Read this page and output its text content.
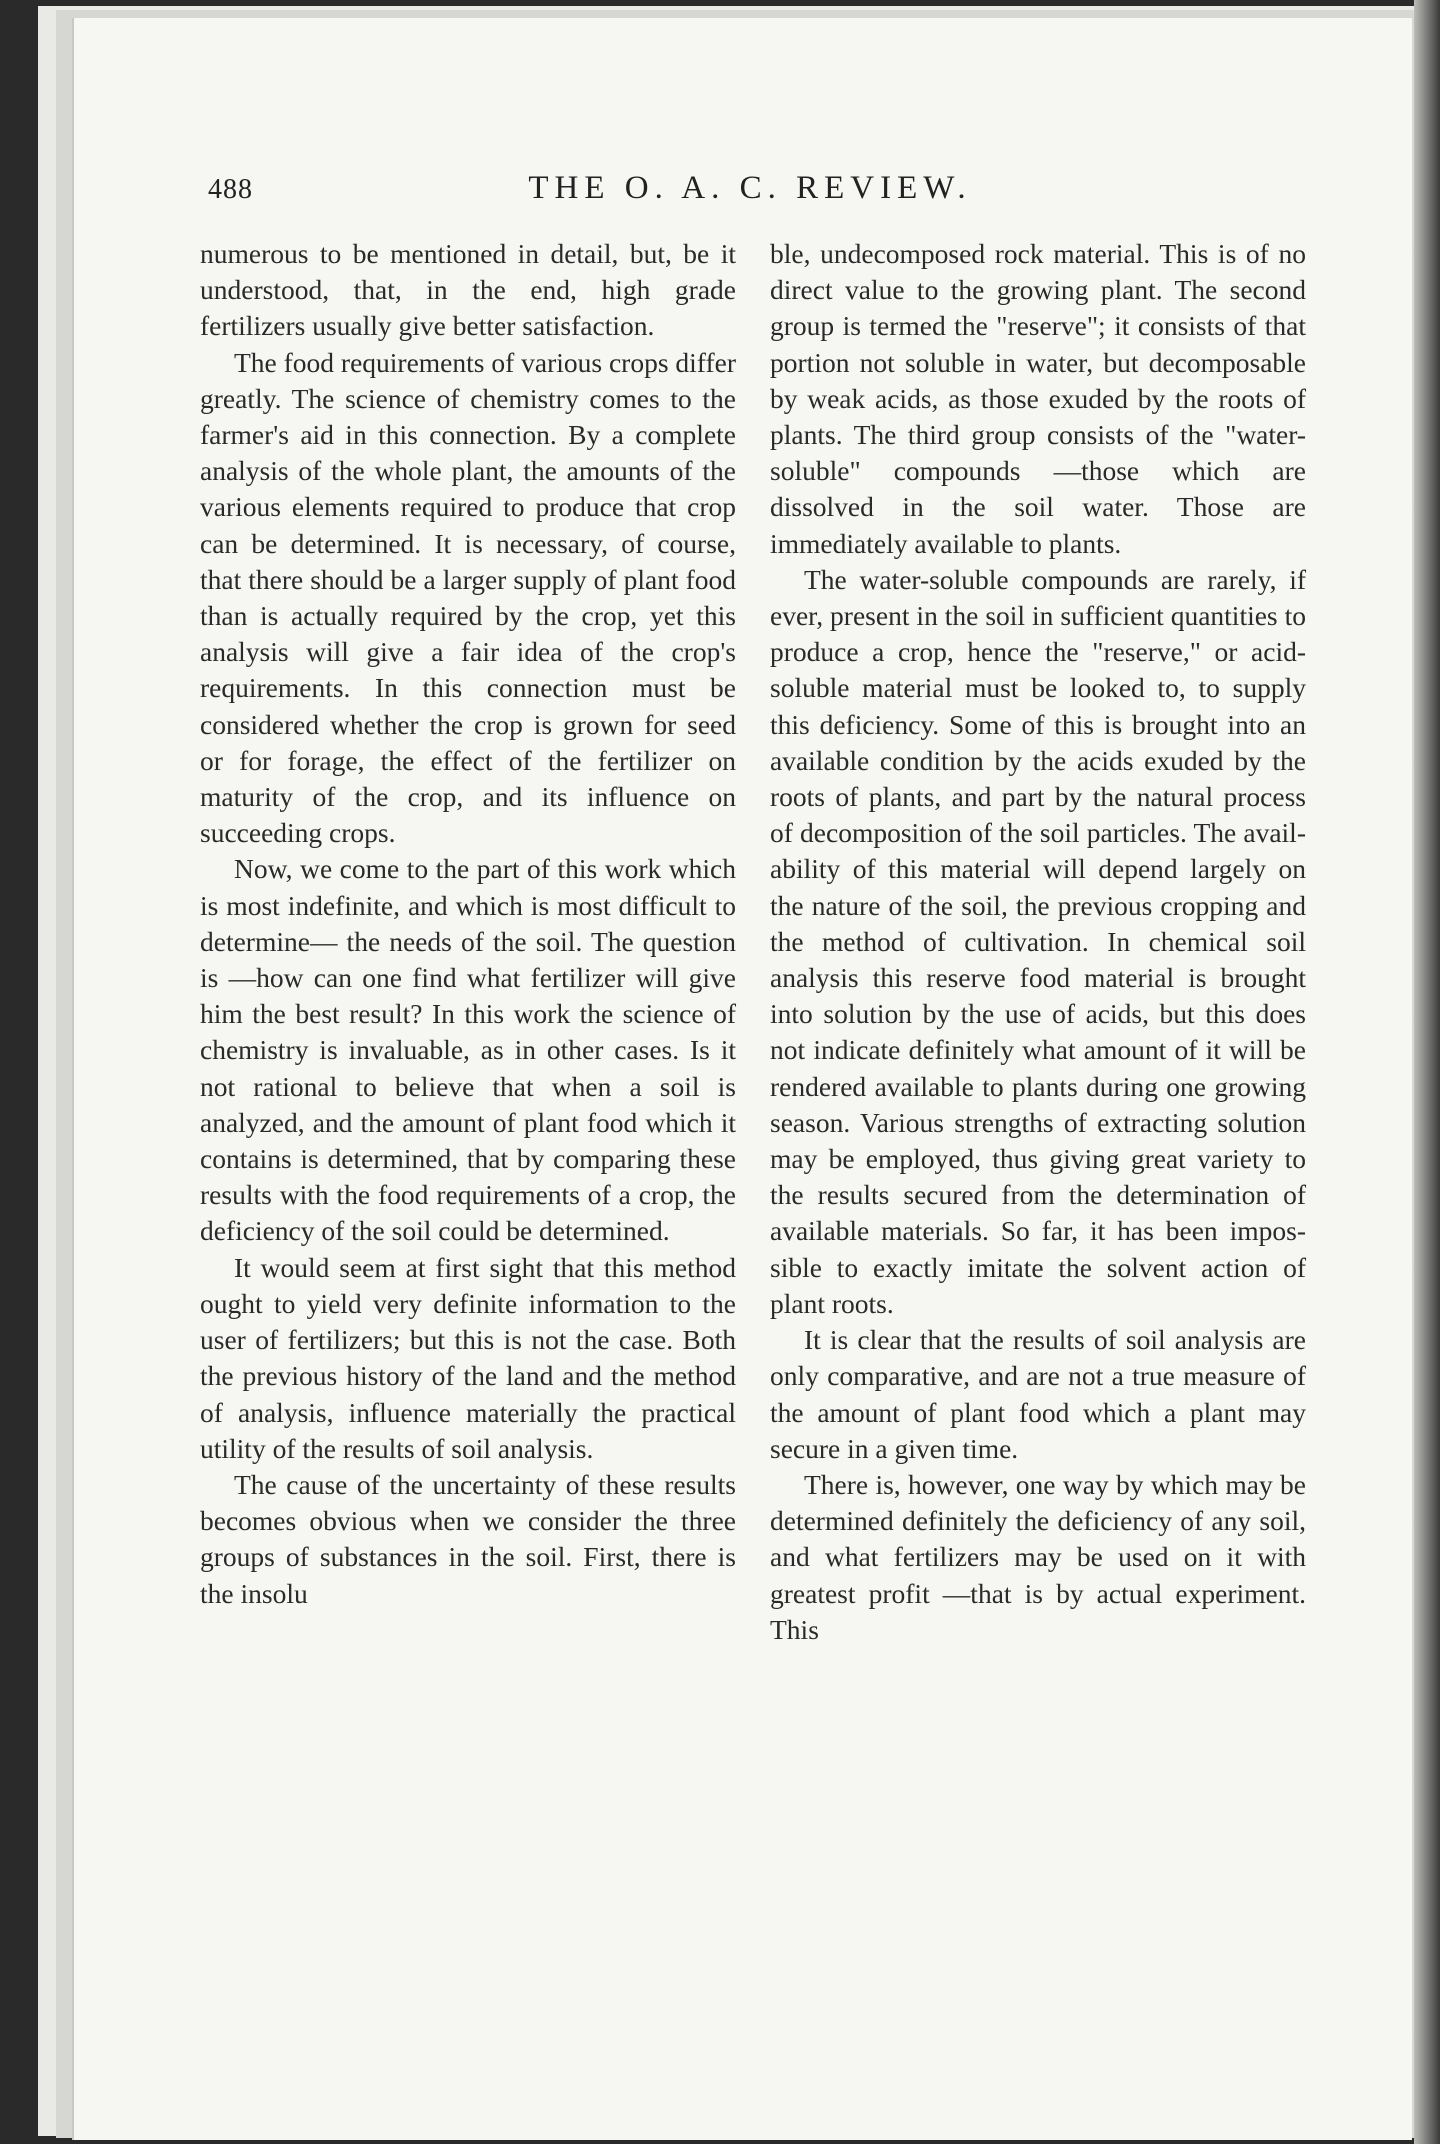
488	THE O. A. C. REVIEW.

numerous to be mentioned in detail, but, be it understood, that, in the end, high grade fertilizers usually give better satisfaction.

The food requirements of various crops differ greatly. The science of chemistry comes to the farmer's aid in this connection. By a complete analysis of the whole plant, the amounts of the various elements required to produce that crop can be determined. It is necessary, of course, that there should be a larger supply of plant food than is actually required by the crop, yet this analysis will give a fair idea of the crop's requirements. In this connection must be considered whether the crop is grown for seed or for forage, the effect of the fertilizer on maturity of the crop, and its influence on succeeding crops.

Now, we come to the part of this work which is most indefinite, and which is most difficult to determine— the needs of the soil. The question is —how can one find what fertilizer will give him the best result? In this work the science of chemistry is invaluable, as in other cases. Is it not rational to believe that when a soil is analyzed, and the amount of plant food which it contains is determined, that by comparing these results with the food requirements of a crop, the deficiency of the soil could be determined.

It would seem at first sight that this method ought to yield very definite information to the user of fertilizers; but this is not the case. Both the previous history of the land and the method of analysis, influence materially the practical utility of the results of soil analysis.

The cause of the uncertainty of these results becomes obvious when we consider the three groups of substances in the soil. First, there is the insolu

ble, undecomposed rock material. This is of no direct value to the growing plant. The second group is termed the "reserve"; it consists of that portion not soluble in water, but decomposable by weak acids, as those exuded by the roots of plants. The third group consists of the "water-soluble" compounds —those which are dissolved in the soil water. Those are immediately available to plants.

The water-soluble compounds are rarely, if ever, present in the soil in sufficient quantities to produce a crop, hence the "reserve," or acid-soluble material must be looked to, to supply this deficiency. Some of this is brought into an available condition by the acids exuded by the roots of plants, and part by the natural process of decomposition of the soil particles. The availability of this material will depend largely on the nature of the soil, the previous cropping and the method of cultivation. In chemical soil analysis this reserve food material is brought into solution by the use of acids, but this does not indicate definitely what amount of it will be rendered available to plants during one growing season. Various strengths of extracting solution may be employed, thus giving great variety to the results secured from the determination of available materials. So far, it has been impossible to exactly imitate the solvent action of plant roots.

It is clear that the results of soil analysis are only comparative, and are not a true measure of the amount of plant food which a plant may secure in a given time.

There is, however, one way by which may be determined definitely the deficiency of any soil, and what fertilizers may be used on it with greatest profit —that is by actual experiment. This
